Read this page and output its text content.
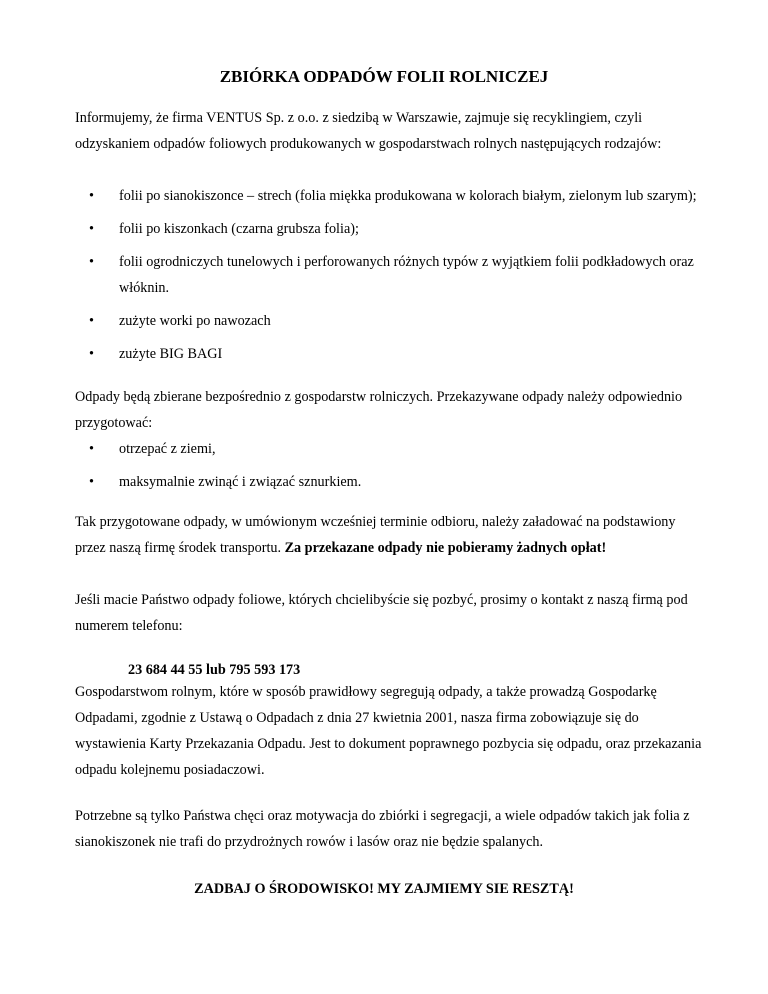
ZBIÓRKA ODPADÓW FOLII ROLNICZEJ

Informujemy, że firma VENTUS Sp. z o.o. z siedzibą w Warszawie, zajmuje się recyklingiem, czyli odzyskaniem odpadów foliowych produkowanych w gospodarstwach rolnych następujących rodzajów:

• folii po sianokiszonce – strech (folia miękka produkowana w kolorach białym, zielonym lub szarym);
• folii po kiszonkach (czarna grubsza folia);
• folii ogrodniczych tunelowych i perforowanych różnych typów z wyjątkiem folii podkładowych oraz włóknin.
• zużyte worki po nawozach
• zużyte BIG BAGI

Odpady będą zbierane bezpośrednio z gospodarstw rolniczych. Przekazywane odpady należy odpowiednio przygotować:

• otrzepać z ziemi,
• maksymalnie zwinąć i związać sznurkiem.

Tak przygotowane odpady, w umówionym wcześniej terminie odbioru, należy załadować na podstawiony przez naszą firmę środek transportu. Za przekazane odpady nie pobieramy żadnych opłat!

Jeśli macie Państwo odpady foliowe, których chcielibyście się pozbyć, prosimy o kontakt z naszą firmą pod numerem telefonu:

23 684 44 55 lub 795 593 173

Gospodarstwom rolnym, które w sposób prawidłowy segregują odpady, a także prowadzą Gospodarkę Odpadami, zgodnie z Ustawą o Odpadach z dnia 27 kwietnia 2001, nasza firma zobowiązuje się do wystawienia Karty Przekazania Odpadu. Jest to dokument poprawnego pozbycia się odpadu, oraz przekazania odpadu kolejnemu posiadaczowi.

Potrzebne są tylko Państwa chęci oraz motywacja do zbiórki i segregacji, a wiele odpadów takich jak folia z sianokiszonek nie trafi do przydrożnych rowów i lasów oraz nie będzie spalanych.

ZADBAJ O ŚRODOWISKO! MY ZAJMIEMY SIE RESZTĄ!
